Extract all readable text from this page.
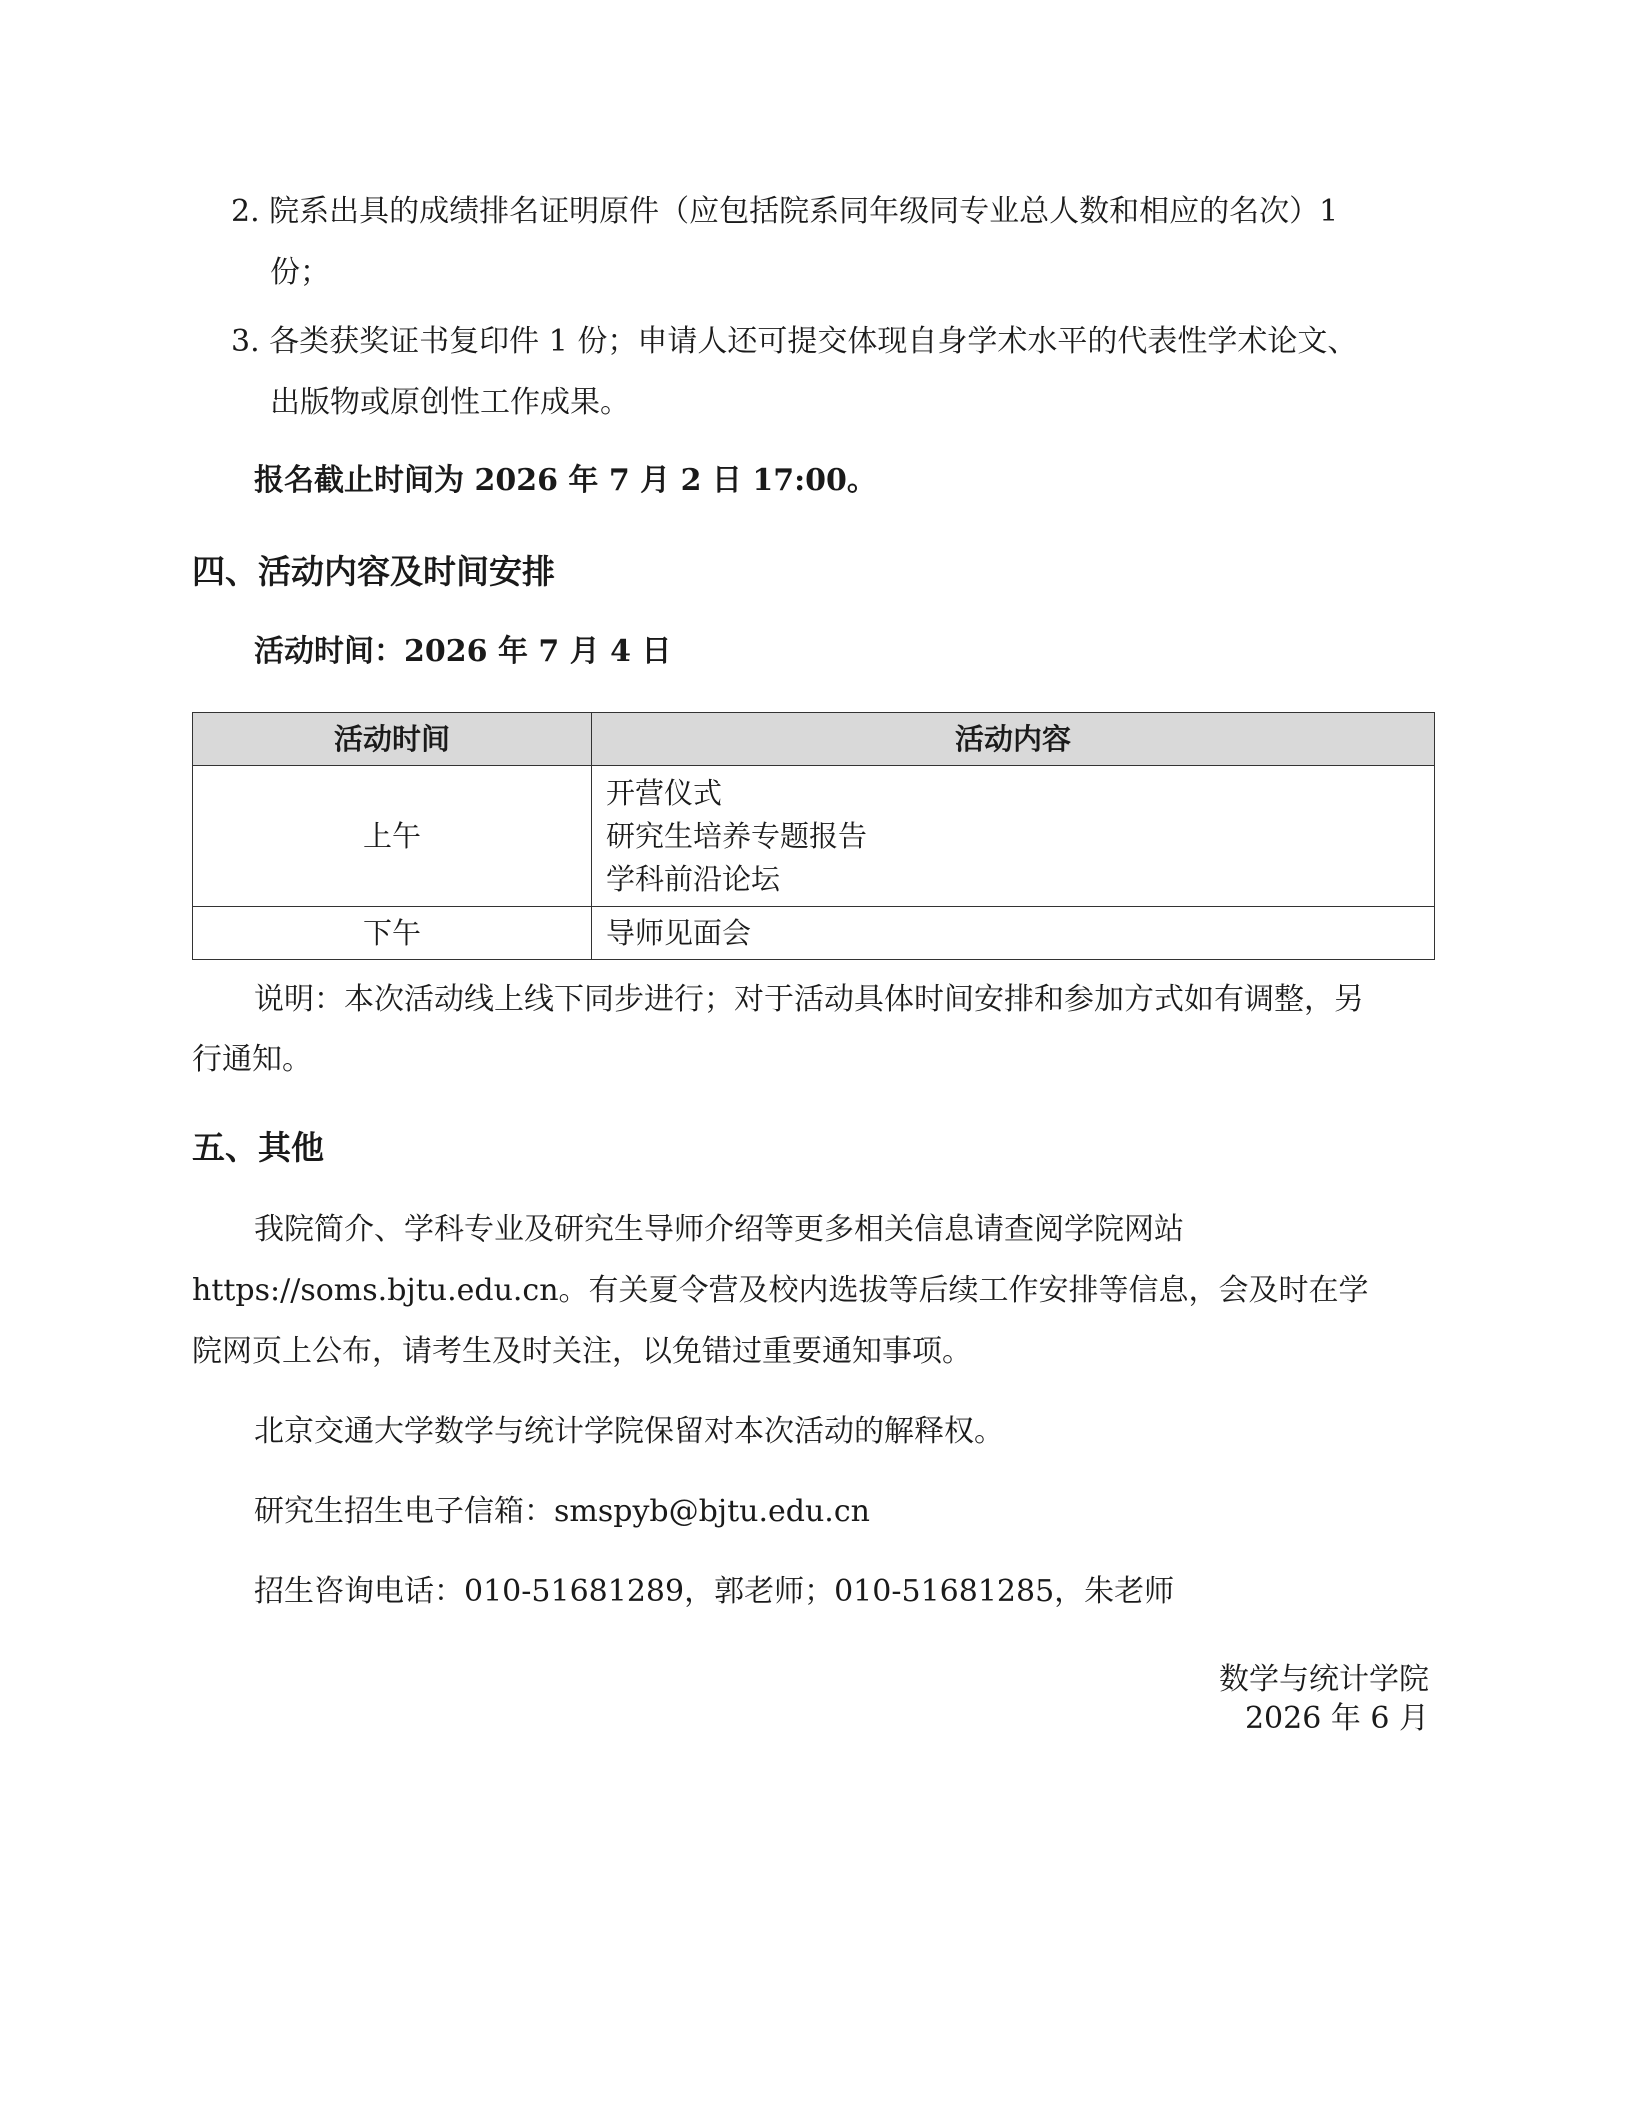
2. 院系出具的成绩排名证明原件（应包括院系同年级同专业总人数和相应的名次）1
份；
3. 各类获奖证书复印件 1 份；申请人还可提交体现自身学术水平的代表性学术论文、
出版物或原创性工作成果。
报名截止时间为 2026 年 7 月 2 日 17:00。
四、活动内容及时间安排
活动时间：2026 年 7 月 4 日
活动时间	活动内容
上午	开营仪式
研究生培养专题报告
学科前沿论坛

下午	导师见面会
说明：本次活动线上线下同步进行；对于活动具体时间安排和参加方式如有调整，另
行通知。
五、其他
我院简介、学科专业及研究生导师介绍等更多相关信息请查阅学院网站
https://soms.bjtu.edu.cn。有关夏令营及校内选拔等后续工作安排等信息，会及时在学
院网页上公布，请考生及时关注，以免错过重要通知事项。
北京交通大学数学与统计学院保留对本次活动的解释权。
研究生招生电子信箱：smspyb@bjtu.edu.cn
招生咨询电话：010-51681289，郭老师；010-51681285，朱老师
数学与统计学院
2026 年 6 月
